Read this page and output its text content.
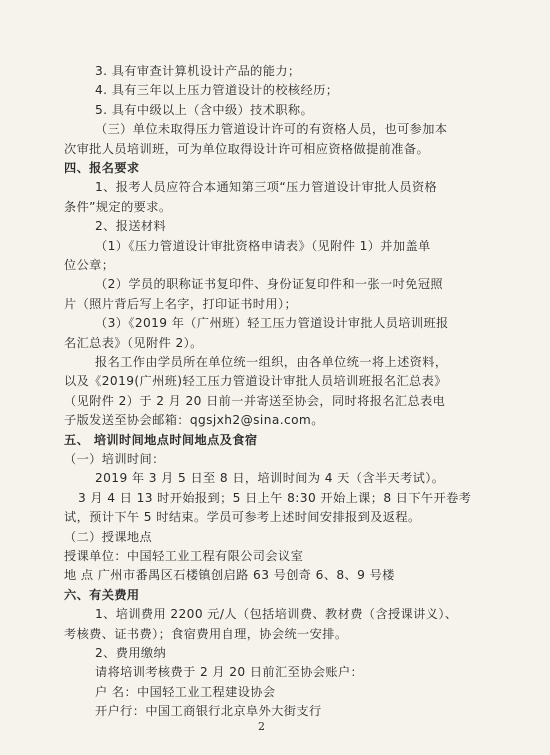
3. 具有审查计算机设计产品的能力；
4. 具有三年以上压力管道设计的校核经历；
5. 具有中级以上（含中级）技术职称。
（三）单位未取得压力管道设计许可的有资格人员，也可参加本
次审批人员培训班，可为单位取得设计许可相应资格做提前准备。
四、报名要求
1、报考人员应符合本通知第三项“压力管道设计审批人员资格
条件”规定的要求。
2、报送材料
（1）《压力管道设计审批资格申请表》（见附件 1）并加盖单
位公章；
（2）学员的职称证书复印件、身份证复印件和一张一吋免冠照
片（照片背后写上名字，打印证书时用）；
（3）《2019 年（广州班）轻工压力管道设计审批人员培训班报
名汇总表》（见附件 2）。
报名工作由学员所在单位统一组织，由各单位统一将上述资料，
以及《2019(广州班)轻工压力管道设计审批人员培训班报名汇总表》
（见附件 2）于 2 月 20 日前一并寄送至协会，同时将报名汇总表电
子版发送至协会邮箱：qgsjxh2@sina.com。
五、 培训时间地点时间地点及食宿
（一）培训时间：
2019 年 3 月 5 日至 8 日，培训时间为 4 天（含半天考试）。
3 月 4 日 13 时开始报到；5 日上午 8:30 开始上课；8 日下午开卷考
试，预计下午 5 时结束。学员可参考上述时间安排报到及返程。
（二）授课地点
授课单位：中国轻工业工程有限公司会议室
地 点 广州市番禺区石楼镇创启路 63 号创奇 6、8、9 号楼
六、有关费用
1、培训费用 2200 元/人（包括培训费、教材费（含授课讲义）、
考核费、证书费）；食宿费用自理，协会统一安排。
2、费用缴纳
2
请将培训考核费于 2 月 20 日前汇至协会账户：
户 名：中国轻工业工程建设协会
开户行：中国工商银行北京阜外大街支行
